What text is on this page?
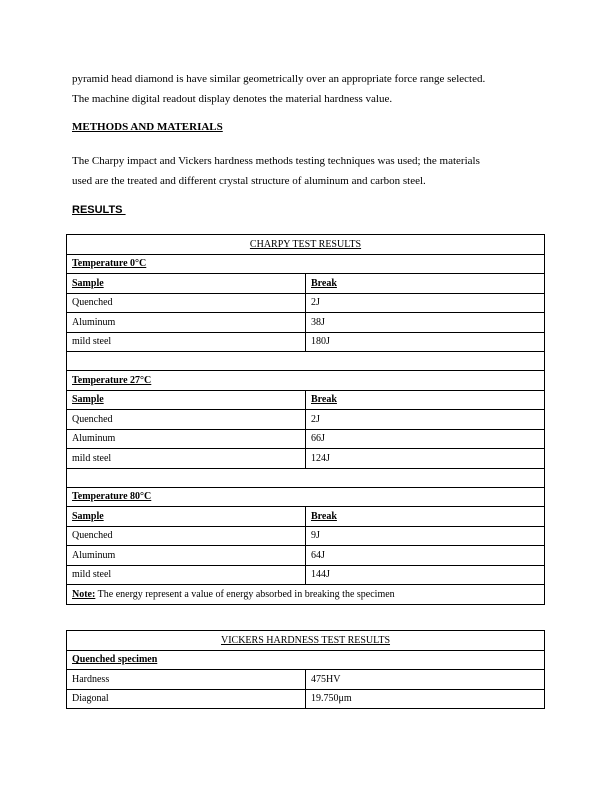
pyramid head diamond is have similar geometrically over an appropriate force range selected.
The machine digital readout display denotes the material hardness value.

METHODS AND MATERIALS

The Charpy impact and Vickers hardness methods testing techniques was used; the materials
used are the treated and different crystal structure of aluminum and carbon steel.

RESULTS
CHARPY TEST RESULTS	
Temperature 0°C	
Sample	Break
Quenched	2J
Aluminum	38J
mild steel	180J

Temperature 27°C	
Sample	Break
Quenched	2J
Aluminum	66J
mild steel	124J

Temperature 80°C	
Sample	Break
Quenched	9J
Aluminum	64J
mild steel	144J
Note: The energy represent a value of energy absorbed in breaking the specimen	
VICKERS HARDNESS TEST RESULTS	
Quenched specimen	
Hardness	475HV
Diagonal	19.750μm
